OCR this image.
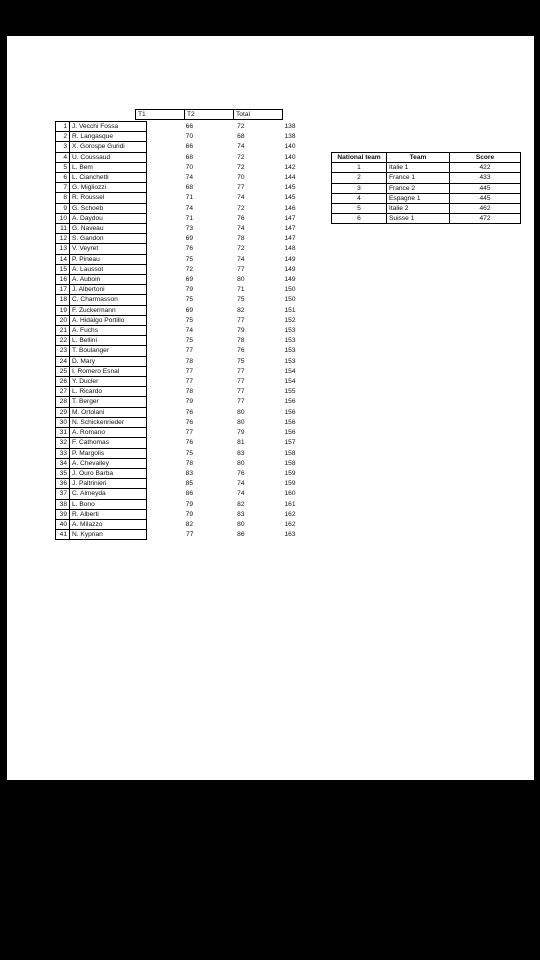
T1	T2	Total
1	J. Vecchi Fossa	66	72	138
2	R. Langasque	70	68	138
3	X. Gorospe Guridi	66	74	140
4	U. Coussaud	68	72	140
5	L. Bem	70	72	142
6	L. Cianchetti	74	70	144
7	G. Migliozzi	68	77	145
8	R. Roussel	71	74	145
9	G. Schoeb	74	72	146
10	A. Daydou	71	76	147
11	G. Naveau	73	74	147
12	S. Gandon	69	78	147
13	V. Veyret	76	72	148
14	P. Pineau	75	74	149
15	A. Laussot	72	77	149
16	A. Auboin	69	80	149
17	J. Albertoni	79	71	150
18	C. Charmasson	75	75	150
19	F. Zuckermann	69	82	151
20	A. Hidalgo Portillo	75	77	152
21	A. Fuchs	74	79	153
22	L. Bellini	75	78	153
23	T. Boulanger	77	76	153
24	D. Mary	78	75	153
25	I. Romero Esnal	77	77	154
26	Y. Ducler	77	77	154
27	L. Ricardo	78	77	155
28	T. Berger	79	77	156
29	M. Ortolani	76	80	156
30	N. Schickenrieder	76	80	156
31	A. Romano	77	79	156
32	F. Cathomas	76	81	157
33	P. Margolis	75	83	158
34	A. Chevalley	78	80	158
35	J. Ouro Barba	83	76	159
36	J. Paltrinieri	85	74	159
37	C. Almeyda	86	74	160
38	L. Bono	79	82	161
39	R. Alberti	79	83	162
40	A. Milazzo	82	80	162
41	N. Kyprian	77	86	163
National team	Team	Score
1	Italie 1	422
2	France 1	433
3	France 2	445
4	Espagne 1	445
5	Italie 2	462
6	Suisse 1	472
